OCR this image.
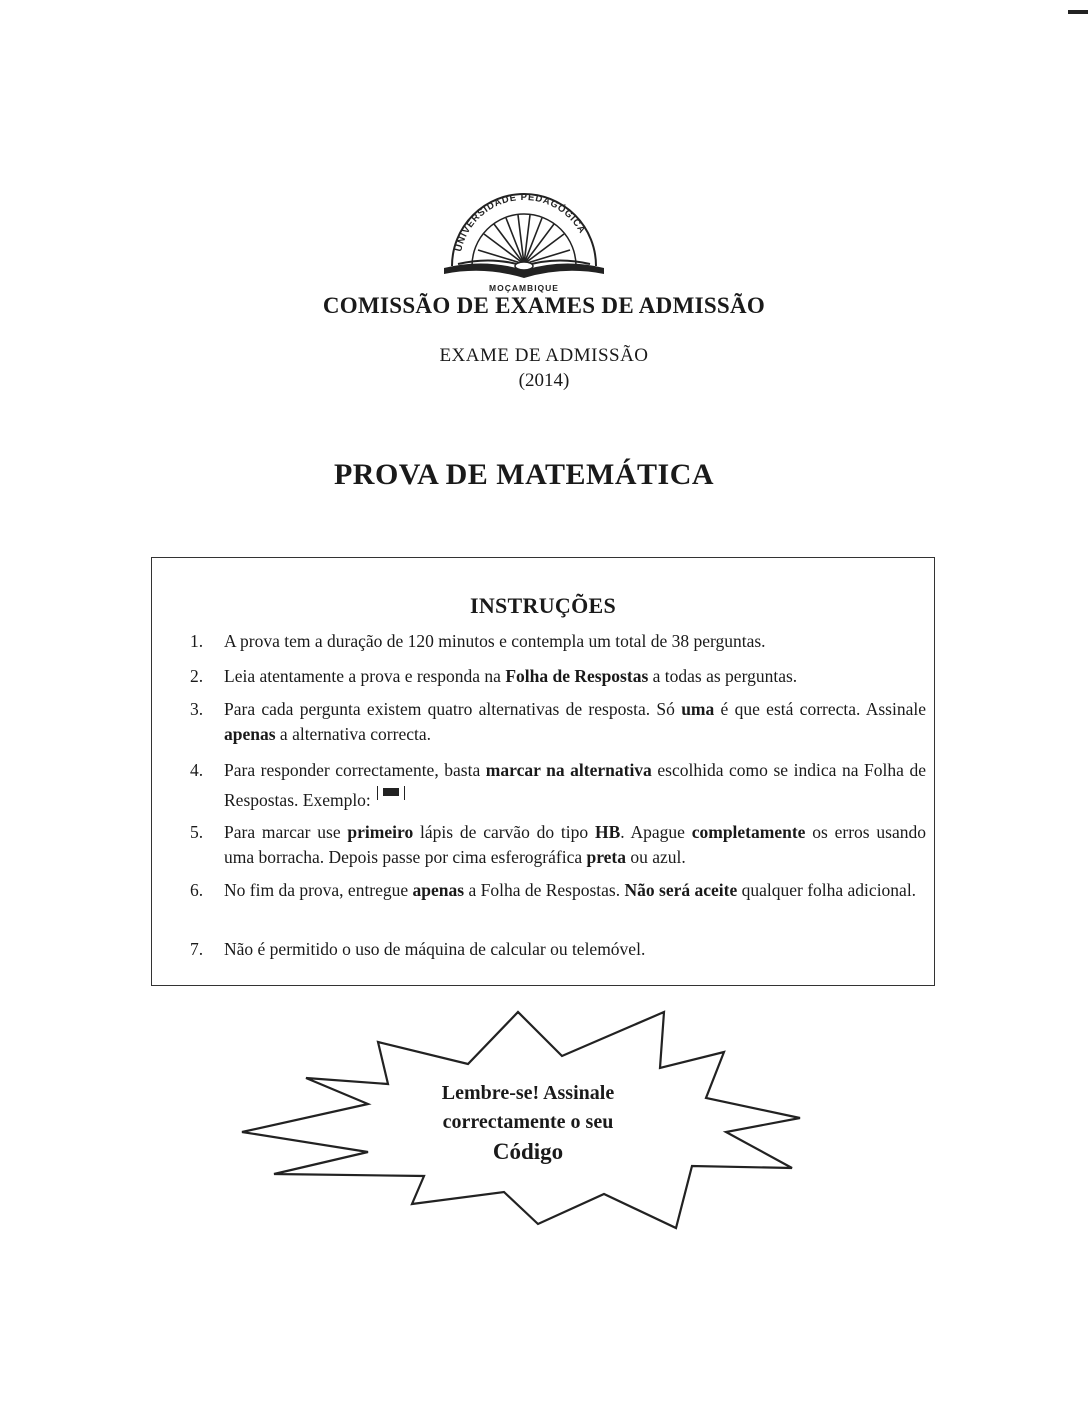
UNIVERSIDADE PEDAGÓGICA
MOÇAMBIQUE
COMISSÃO DE EXAMES DE ADMISSÃO
EXAME DE ADMISSÃO
(2014)
PROVA DE MATEMÁTICA
INSTRUÇÕES
1.	A prova tem a duração de 120 minutos e contempla um total de 38 perguntas.
2.	Leia atentamente a prova e responda na Folha de Respostas a todas as perguntas.
3.	Para cada pergunta existem quatro alternativas de resposta. Só uma é que está correcta. Assinale apenas a alternativa correcta.
4.	Para responder correctamente, basta marcar na alternativa escolhida como se indica na Folha de Respostas. Exemplo:
5.	Para marcar use primeiro lápis de carvão do tipo HB. Apague completamente os erros usando uma borracha. Depois passe por cima esferográfica preta ou azul.
6.	No fim da prova, entregue apenas a Folha de Respostas. Não será aceite qualquer folha adicional.
7.	Não é permitido o uso de máquina de calcular ou telemóvel.
Lembre-se! Assinale
correctamente o seu
Código
